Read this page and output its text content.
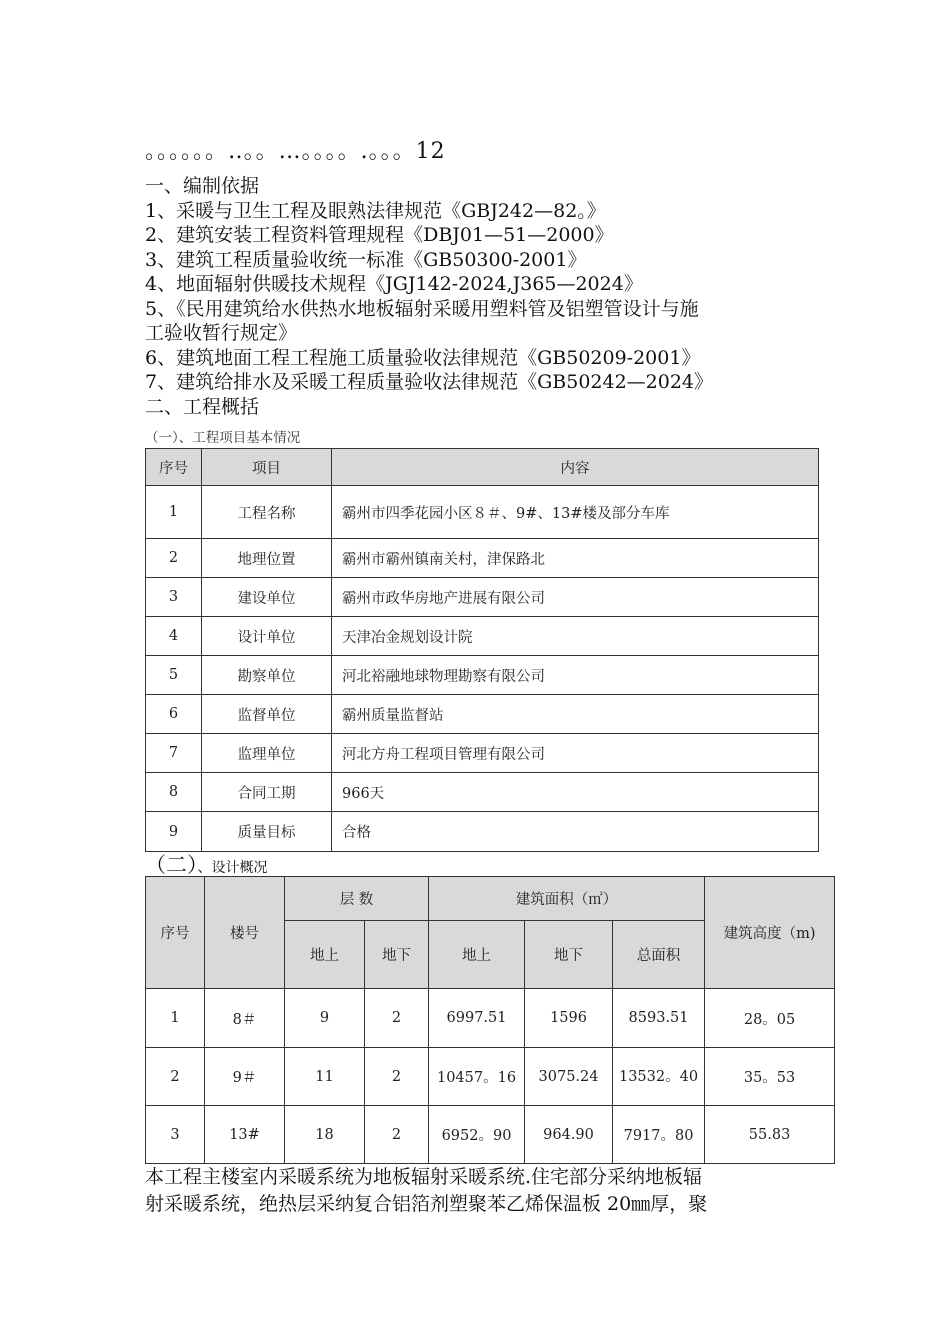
。。。。。。‥。。…。。。。.。。。12
一、编制依据
1、采暖与卫生工程及眼熟法律规范《GBJ242—82。》
2、建筑安装工程资料管理规程《DBJ01—51—2000》
3、建筑工程质量验收统一标准《GB50300-2001》
4、地面辐射供暖技术规程《JGJ142-2024,J365—2024》
5、《民用建筑给水供热水地板辐射采暖用塑料管及铝塑管设计与施
工验收暂行规定》
6、建筑地面工程工程施工质量验收法律规范《GB50209-2001》
7、建筑给排水及采暖工程质量验收法律规范《GB50242—2024》
二、工程概括
（一）、工程项目基本情况
序号	项目	内容
1	工程名称	霸州市四季花园小区８＃、9#、13#楼及部分车库
2	地理位置	霸州市霸州镇南关村，津保路北
3	建设单位	霸州市政华房地产进展有限公司
4	设计单位	天津冶金规划设计院
5	勘察单位	河北裕融地球物理勘察有限公司
6	监督单位	霸州质量监督站
7	监理单位	河北方舟工程项目管理有限公司
8	合同工期	966天
9	质量目标	合格
（二）、设计概况
序号	楼号	层 数		建筑面积（㎡）			建筑高度（m)
		地上	地下	地上	地下	总面积	
1	8＃	9	2	6997.51	1596	8593.51	28。05
2	9＃	11	2	10457。16	3075.24	13532。40	35。53
3	13#	18	2	6952。90	964.90	7917。80	55.83
本工程主楼室内采暖系统为地板辐射采暖系统.住宅部分采纳地板辐
射采暖系统，绝热层采纳复合铝箔剂塑聚苯乙烯保温板 20㎜厚，聚
